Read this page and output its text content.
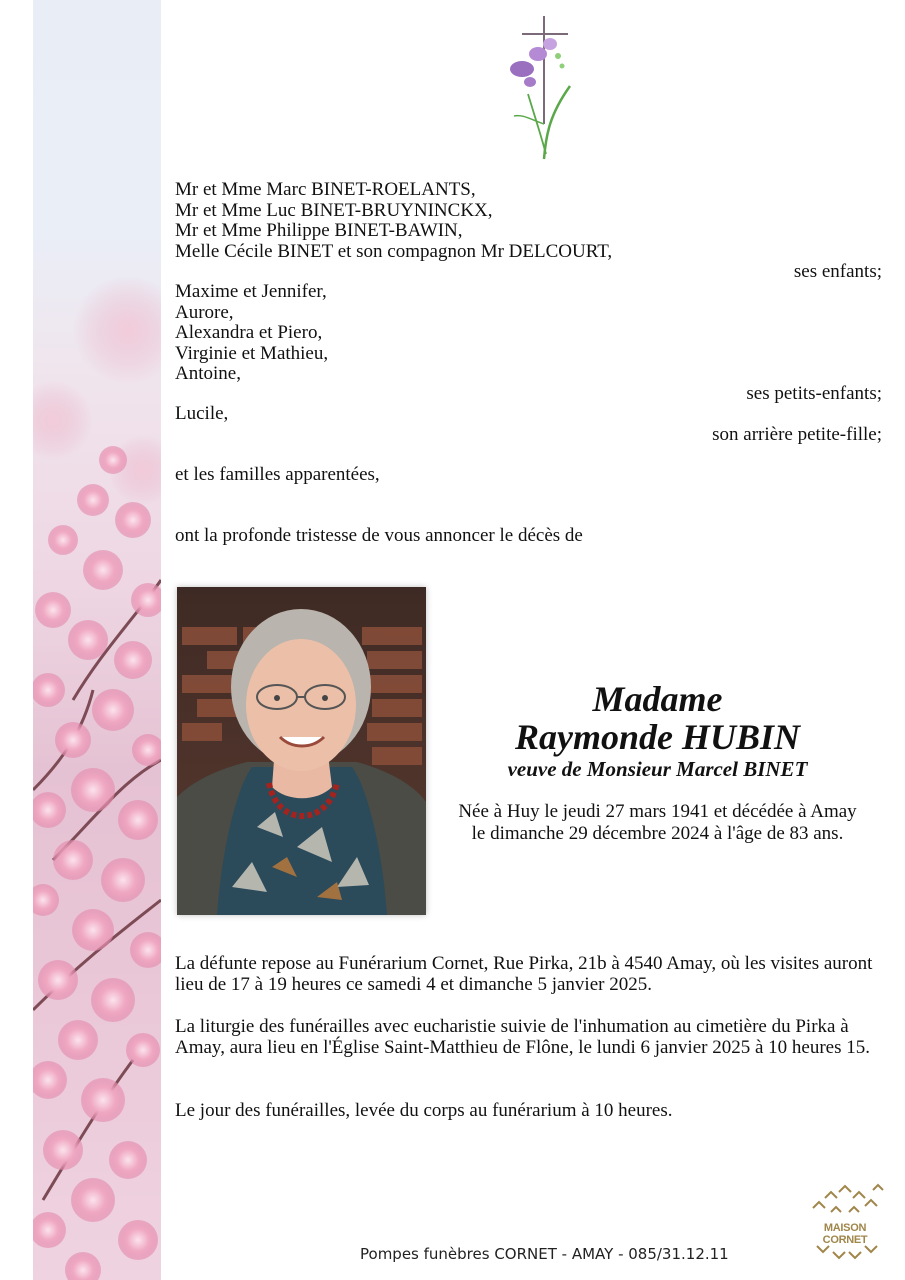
Mr et Mme Marc BINET-ROELANTS,
Mr et Mme Luc BINET-BRUYNINCKX,
Mr et Mme Philippe BINET-BAWIN,
Melle Cécile BINET et son compagnon Mr DELCOURT,
ses enfants;
Maxime et Jennifer,
Aurore,
Alexandra et Piero,
Virginie et Mathieu,
Antoine,
ses petits-enfants;
Lucile,
son arrière petite-fille;
et les familles apparentées,
ont la profonde tristesse de vous annoncer le décès de
Madame
Raymonde HUBIN
veuve de Monsieur Marcel BINET
Née à Huy le jeudi 27 mars 1941 et décédée à Amay
le dimanche 29 décembre 2024 à l'âge de 83 ans.
La défunte repose au Funérarium Cornet, Rue Pirka, 21b à 4540 Amay, où les visites auront lieu de 17 à 19 heures ce samedi 4 et dimanche 5 janvier 2025.
La liturgie des funérailles avec eucharistie suivie de l'inhumation au cimetière du Pirka à Amay, aura lieu en l'Église Saint-Matthieu de Flône, le lundi 6 janvier 2025 à 10 heures 15.
Le jour des funérailles, levée du corps au funérarium à 10 heures.
Pompes funèbres CORNET - AMAY - 085/31.12.11
MAISON CORNET
